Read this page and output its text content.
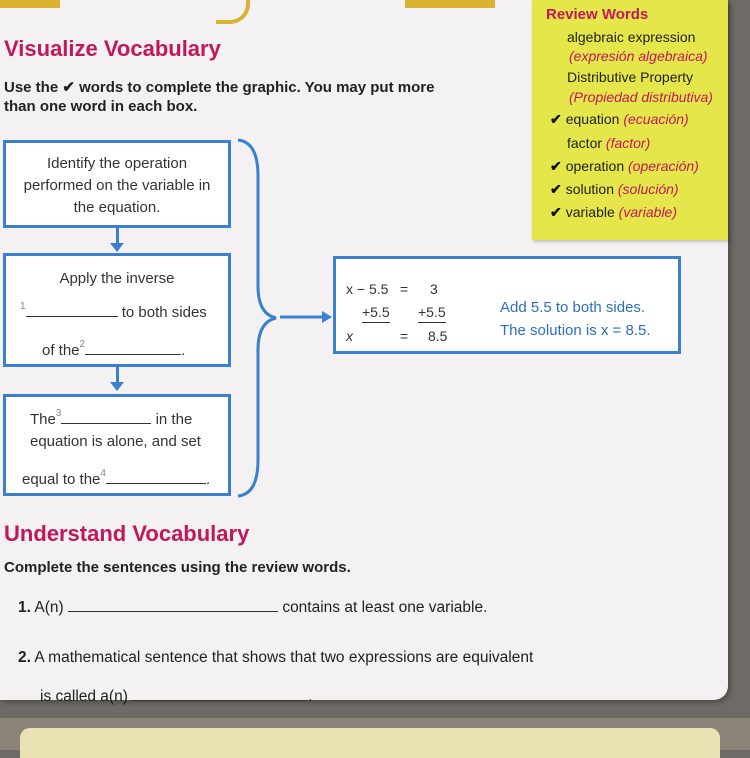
Visualize Vocabulary
Use the ✔ words to complete the graphic. You may put more
than one word in each box.
Identify the operation
performed on the variable in
the equation.
Apply the inverse
$^1$	to both sides
of the$^2$	.
The$^3$	in the
equation is alone, and set
equal to the$^4$	.
x − 5.5 = 3
+5.5 +5.5
x	= 8.5
Add 5.5 to both sides.
The solution is x = 8.5.
Understand Vocabulary
Complete the sentences using the review words.
1. A(n)	contains at least one variable.
2. A mathematical sentence that shows that two expressions are equivalent
is called a(n)	.
Review Words
algebraic expression
(expresión algebraica)
Distributive Property
(Propiedad distributiva)
✔ equation (ecuación)
factor (factor)
✔ operation (operación)
✔ solution (solución)
✔ variable (variable)
